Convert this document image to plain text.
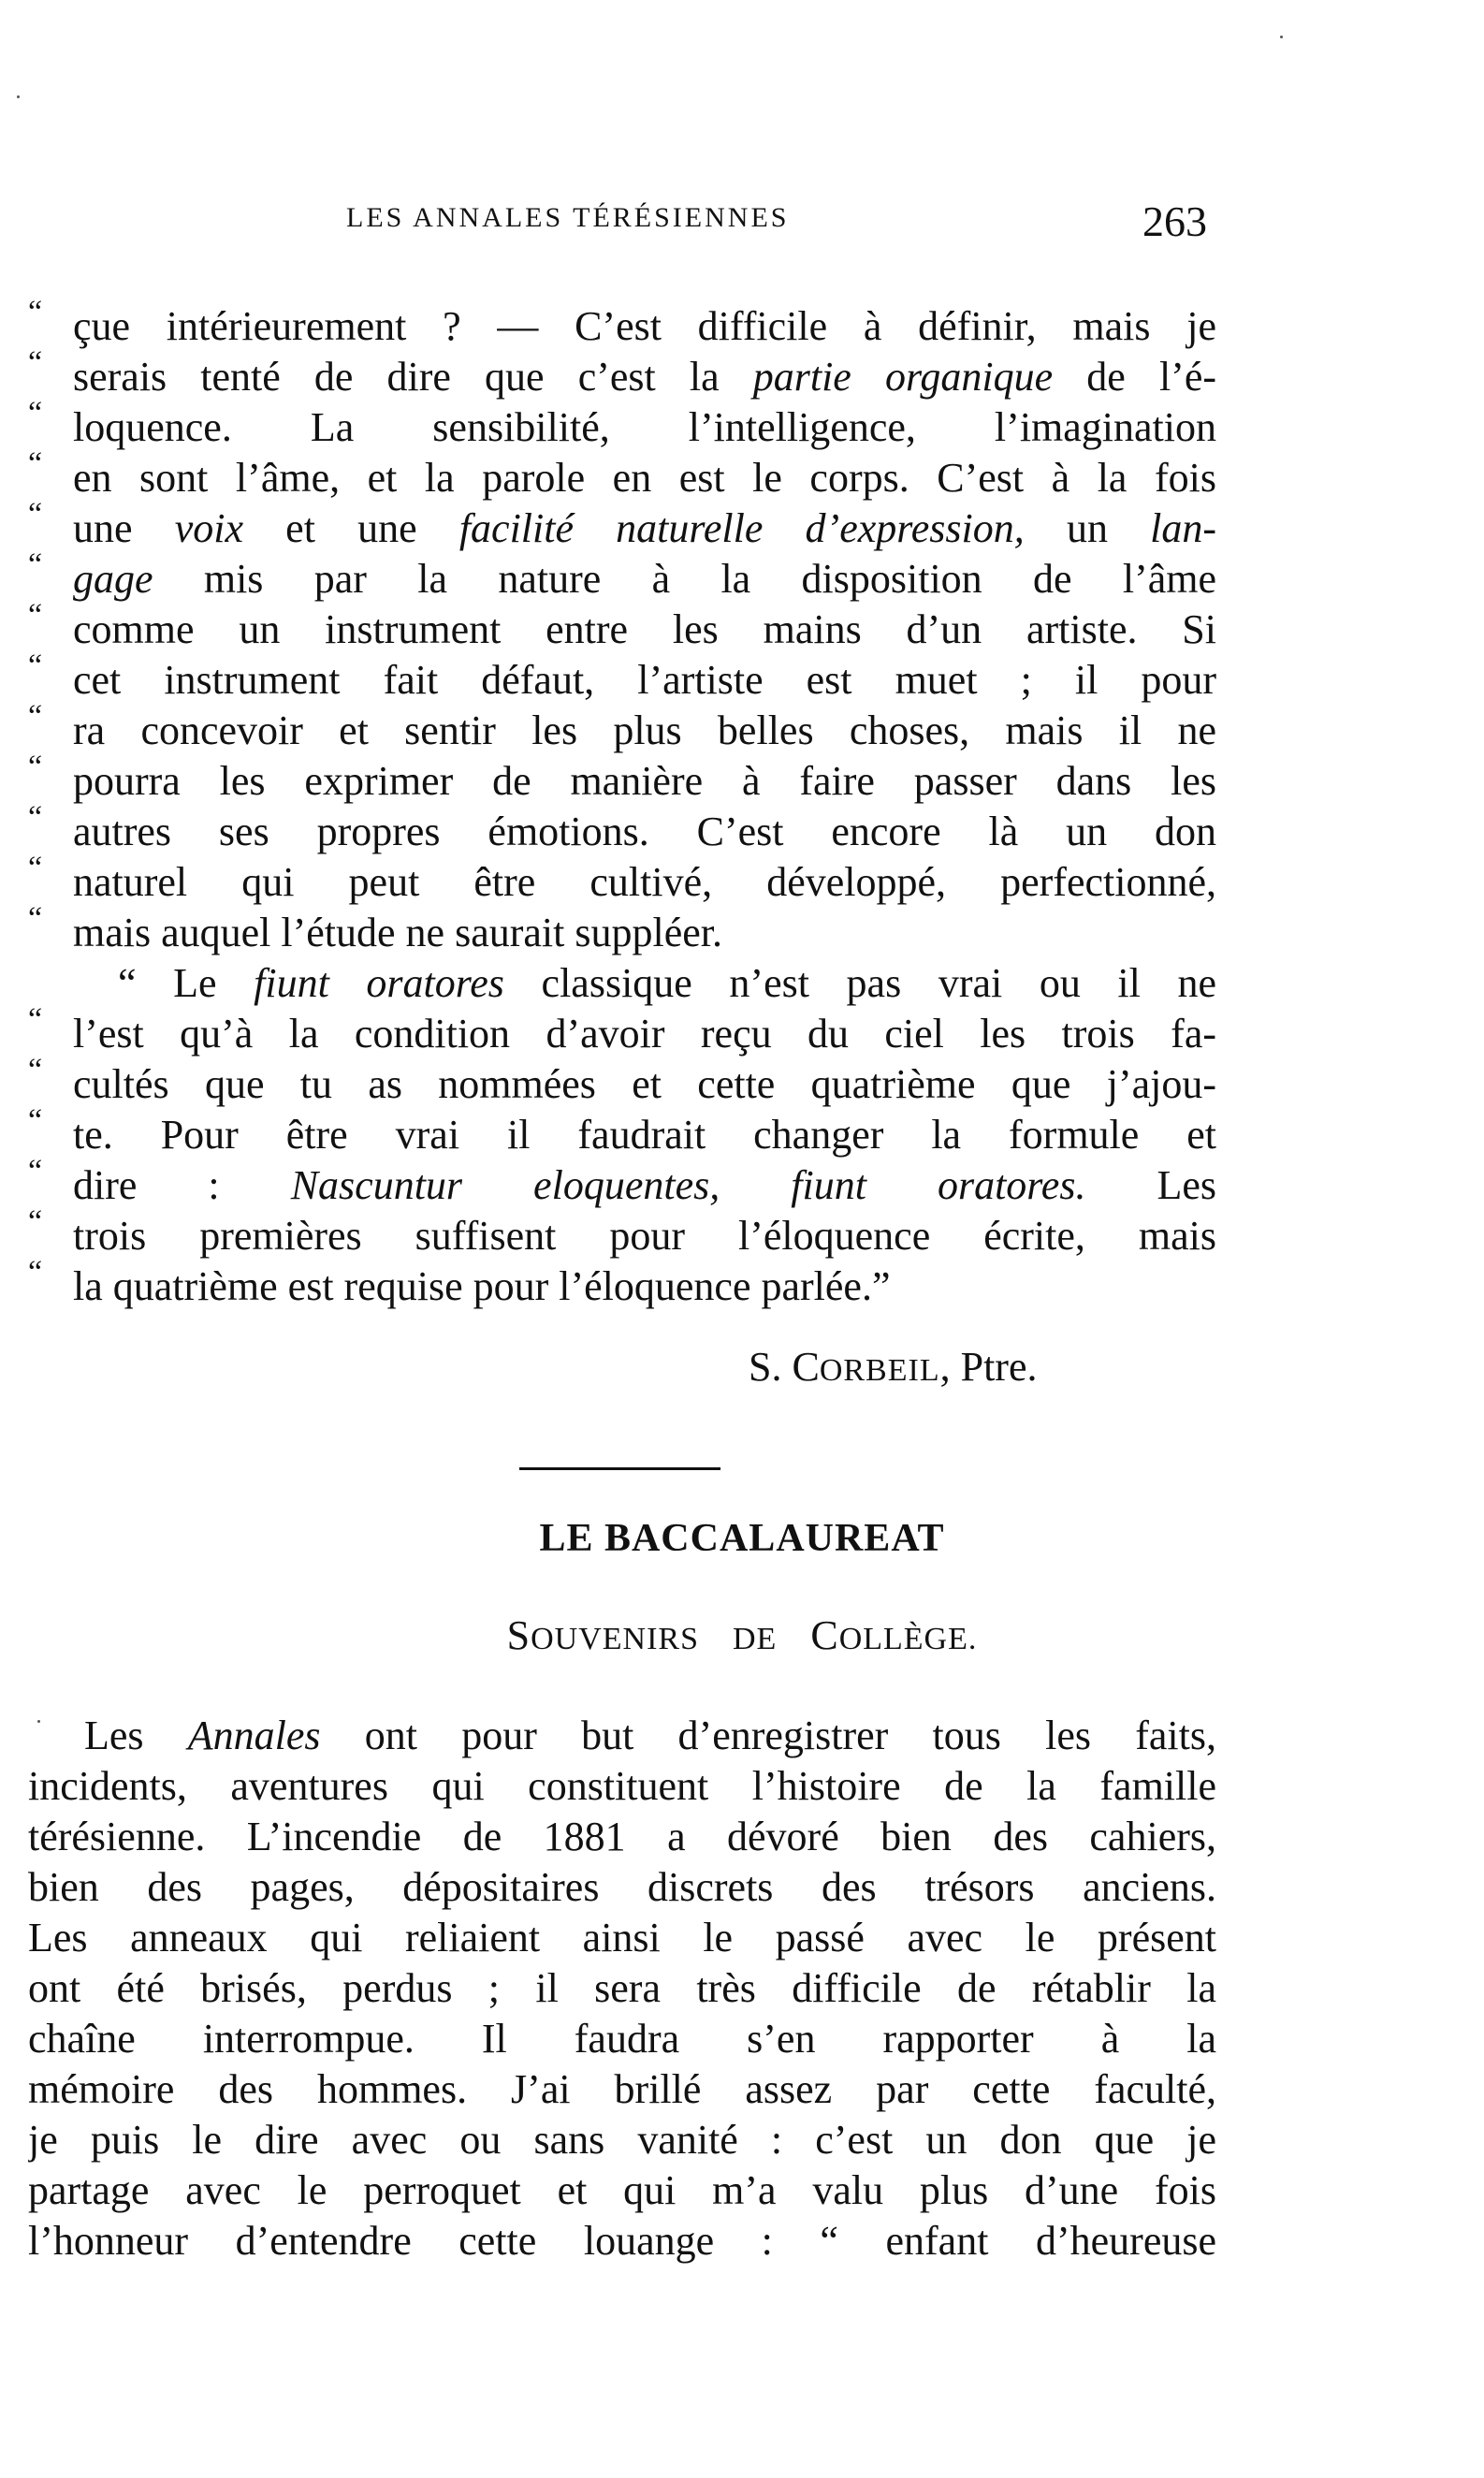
LES ANNALES TÉRÉSIENNES	263
“ çue intérieurement ? — C’est difficile à définir, mais je
“ serais tenté de dire que c’est la partie organique de l’é-
“ loquence. La sensibilité, l’intelligence, l’imagination
“ en sont l’âme, et la parole en est le corps. C’est à la fois
“ une voix et une facilité naturelle d’expression, un lan-
“ gage mis par la nature à la disposition de l’âme
“ comme un instrument entre les mains d’un artiste. Si
“ cet instrument fait défaut, l’artiste est muet ; il pour
“ ra concevoir et sentir les plus belles choses, mais il ne
“ pourra les exprimer de manière à faire passer dans les
“ autres ses propres émotions. C’est encore là un don
“ naturel qui peut être cultivé, développé, perfectionné,
“ mais auquel l’étude ne saurait suppléer.
“ Le fiunt oratores classique n’est pas vrai ou il ne
“ l’est qu’à la condition d’avoir reçu du ciel les trois fa-
“ cultés que tu as nommées et cette quatrième que j’ajou-
“ te. Pour être vrai il faudrait changer la formule et
“ dire : Nascuntur eloquentes, fiunt oratores. Les
“ trois premières suffisent pour l’éloquence écrite, mais
“ la quatrième est requise pour l’éloquence parlée.”
S. CORBEIL, Ptre.
LE BACCALAUREAT
SOUVENIRS DE COLLÈGE.
Les Annales ont pour but d’enregistrer tous les faits,
incidents, aventures qui constituent l’histoire de la famille
térésienne. L’incendie de 1881 a dévoré bien des cahiers,
bien des pages, dépositaires discrets des trésors anciens.
Les anneaux qui reliaient ainsi le passé avec le présent
ont été brisés, perdus ; il sera très difficile de rétablir la
chaîne interrompue. Il faudra s’en rapporter à la
mémoire des hommes. J’ai brillé assez par cette faculté,
je puis le dire avec ou sans vanité : c’est un don que je
partage avec le perroquet et qui m’a valu plus d’une fois
l’honneur d’entendre cette louange : “ enfant d’heureuse
